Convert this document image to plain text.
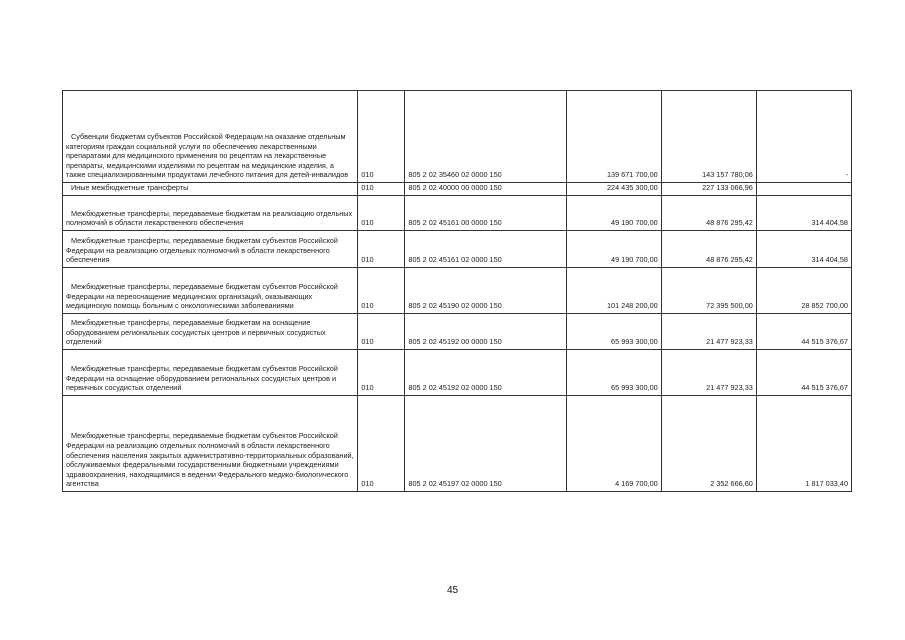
Субвенции бюджетам субъектов Российской Федерации на оказание отдельным категориям граждан социальной услуги по обеспечению лекарственными препаратами для медицинского применения по рецептам на лекарственные препараты, медицинскими изделиями по рецептам на медицинские изделия, а также специализированными продуктами лечебного питания для детей-инвалидов	010	805 2 02 35460 02 0000 150	139 671 700,00	143 157 780,06	-
Иные межбюджетные трансферты	010	805 2 02 40000 00 0000 150	224 435 300,00	227 133 066,96	
Межбюджетные трансферты, передаваемые бюджетам на реализацию отдельных полномочий в области лекарственного обеспечения	010	805 2 02 45161 00 0000 150	49 190 700,00	48 876 295,42	314 404,58
Межбюджетные трансферты, передаваемые бюджетам субъектов Российской Федерации на реализацию отдельных полномочий в области лекарственного обеспечения	010	805 2 02 45161 02 0000 150	49 190 700,00	48 876 295,42	314 404,58
Межбюджетные трансферты, передаваемые бюджетам субъектов Российской Федерации на переоснащение медицинских организаций, оказывающих медицинскую помощь больным с онкологическими заболеваниями	010	805 2 02 45190 02 0000 150	101 248 200,00	72 395 500,00	28 852 700,00
Межбюджетные трансферты, передаваемые бюджетам на оснащение оборудованием региональных сосудистых центров и первичных сосудистых отделений	010	805 2 02 45192 00 0000 150	65 993 300,00	21 477 923,33	44 515 376,67
Межбюджетные трансферты, передаваемые бюджетам субъектов Российской Федерации на оснащение оборудованием региональных сосудистых центров и первичных сосудистых отделений	010	805 2 02 45192 02 0000 150	65 993 300,00	21 477 923,33	44 515 376,67
Межбюджетные трансферты, передаваемые бюджетам субъектов Российской Федерации на реализацию отдельных полномочий в области лекарственного обеспечения населения закрытых административно-территориальных образований, обслуживаемых федеральными государственными бюджетными учреждениями здравоохранения, находящимися в ведении Федерального медико-биологического агентства	010	805 2 02 45197 02 0000 150	4 169 700,00	2 352 666,60	1 817 033,40
45
